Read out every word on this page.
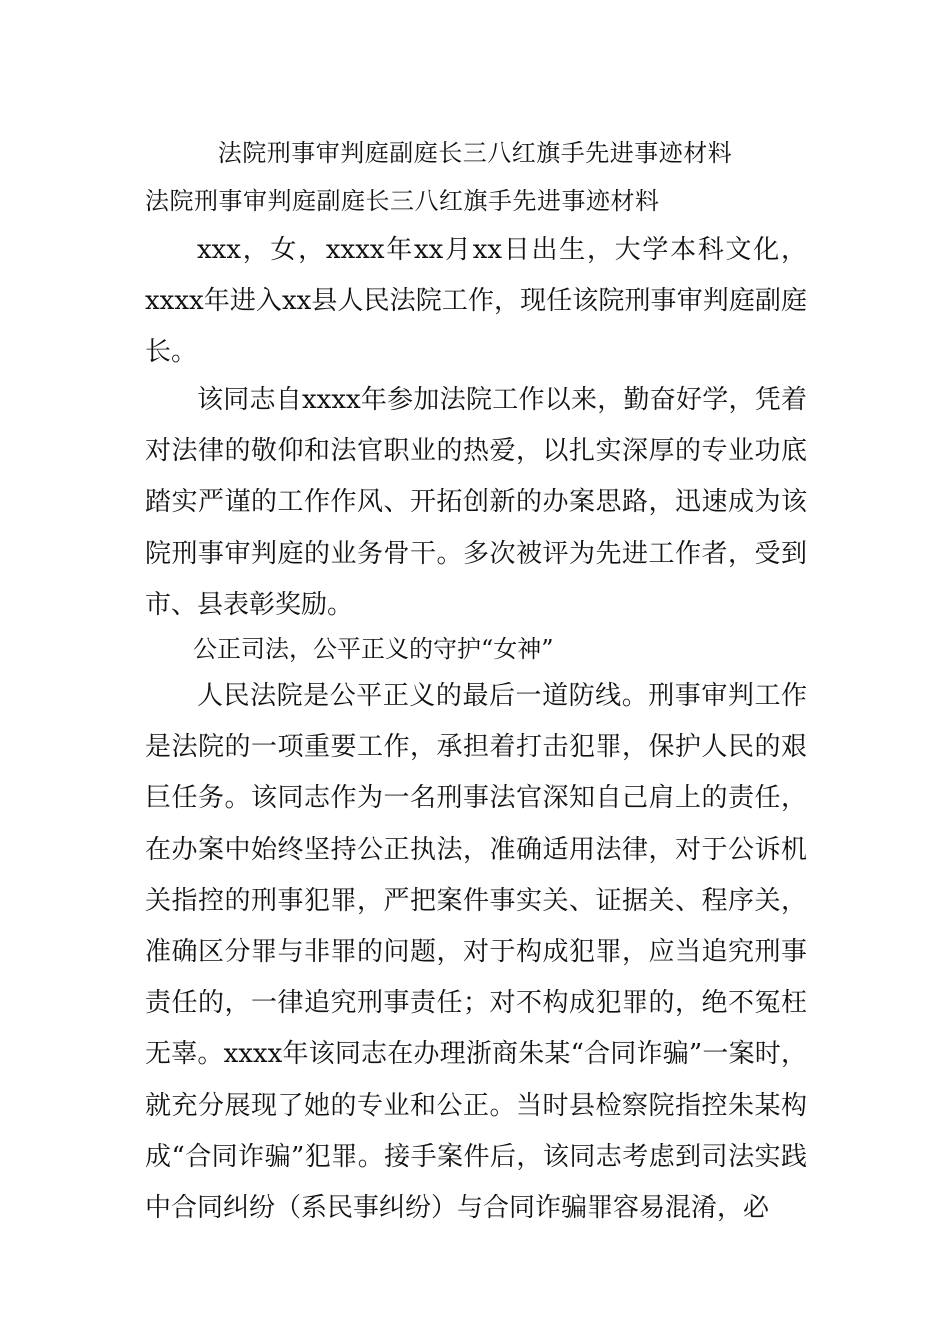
法院刑事审判庭副庭长三八红旗手先进事迹材料
法院刑事审判庭副庭长三八红旗手先进事迹材料
xxx，女，xxxx年xx月xx日出生，大学本科文化，xxxx年进入xx县人民法院工作，现任该院刑事审判庭副庭长。
该同志自xxxx年参加法院工作以来，勤奋好学，凭着对法律的敬仰和法官职业的热爱，以扎实深厚的专业功底踏实严谨的工作作风、开拓创新的办案思路，迅速成为该院刑事审判庭的业务骨干。多次被评为先进工作者，受到市、县表彰奖励。
公正司法，公平正义的守护“女神”
人民法院是公平正义的最后一道防线。刑事审判工作是法院的一项重要工作，承担着打击犯罪，保护人民的艰巨任务。该同志作为一名刑事法官深知自己肩上的责任，在办案中始终坚持公正执法，准确适用法律，对于公诉机关指控的刑事犯罪，严把案件事实关、证据关、程序关，准确区分罪与非罪的问题，对于构成犯罪，应当追究刑事责任的，一律追究刑事责任；对不构成犯罪的，绝不冤枉无辜。xxxx年该同志在办理浙商朱某“合同诈骗”一案时，就充分展现了她的专业和公正。当时县检察院指控朱某构成“合同诈骗”犯罪。接手案件后，该同志考虑到司法实践中合同纠纷（系民事纠纷）与合同诈骗罪容易混淆，必
